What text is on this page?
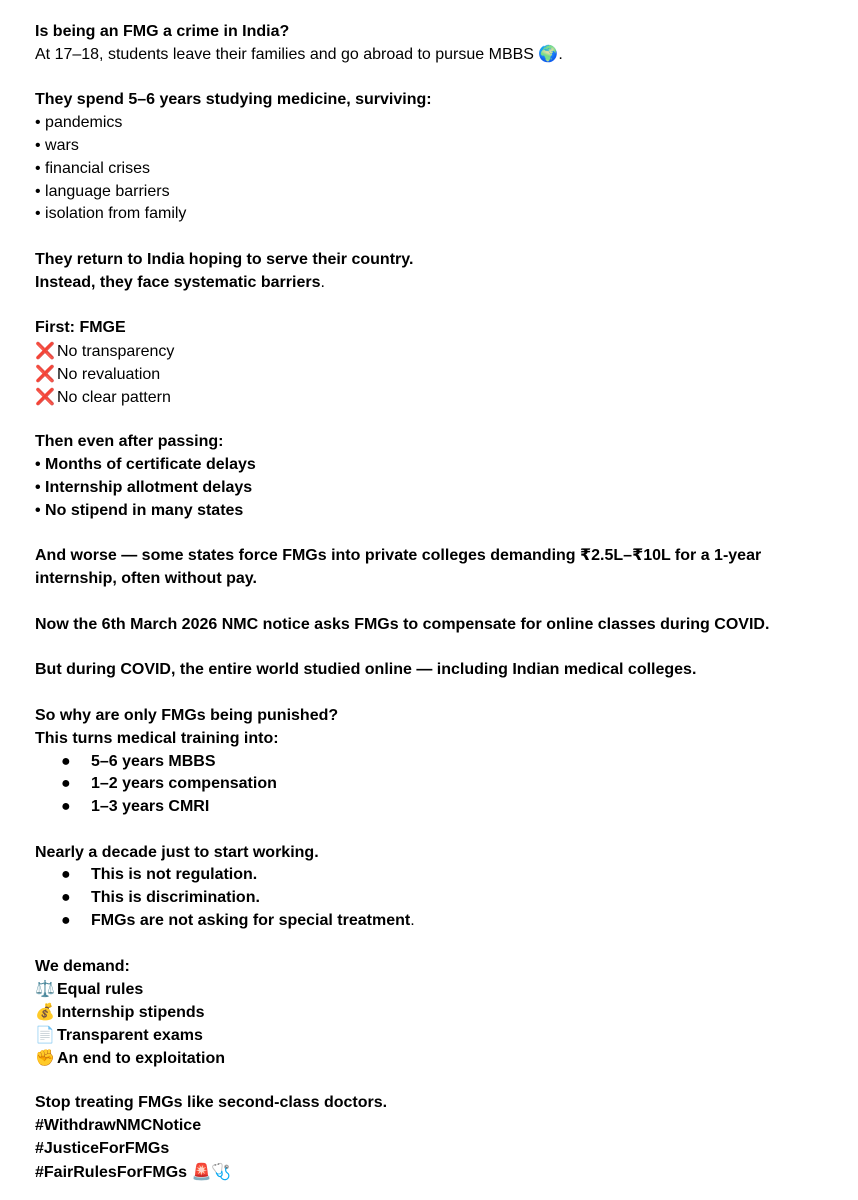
Is being an FMG a crime in India?
At 17–18, students leave their families and go abroad to pursue MBBS 🌍.
They spend 5–6 years studying medicine, surviving:
• pandemics
• wars
• financial crises
• language barriers
• isolation from family
They return to India hoping to serve their country.
Instead, they face systematic barriers.
First: FMGE
❌ No transparency
❌ No revaluation
❌ No clear pattern
Then even after passing:
• Months of certificate delays
• Internship allotment delays
• No stipend in many states
And worse — some states force FMGs into private colleges demanding ₹2.5L–₹10L for a 1-year
internship, often without pay.
Now the 6th March 2026 NMC notice asks FMGs to compensate for online classes during COVID.
But during COVID, the entire world studied online — including Indian medical colleges.
So why are only FMGs being punished?
This turns medical training into:
● 5–6 years MBBS
● 1–2 years compensation
● 1–3 years CMRI
Nearly a decade just to start working.
● This is not regulation.
● This is discrimination.
● FMGs are not asking for special treatment.
We demand:
⚖️ Equal rules
💰 Internship stipends
📄 Transparent exams
✊ An end to exploitation
Stop treating FMGs like second-class doctors.
#WithdrawNMCNotice
#JusticeForFMGs
#FairRulesForFMGs 🚨🩺
